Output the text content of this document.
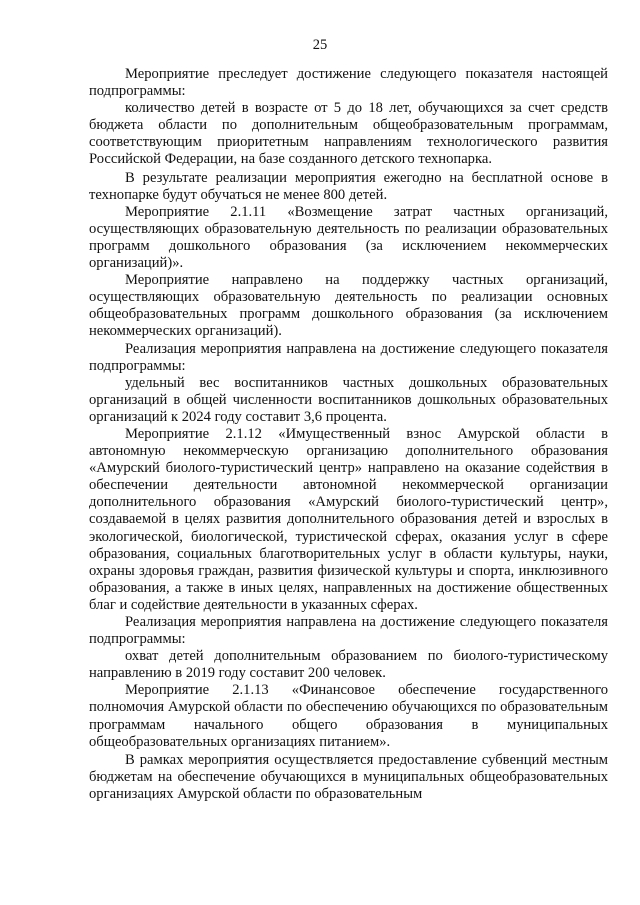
25

Мероприятие преследует достижение следующего показателя настоящей подпрограммы:

количество детей в возрасте от 5 до 18 лет, обучающихся за счет средств бюджета области по дополнительным общеобразовательным программам, соответствующим приоритетным направлениям технологического развития Российской Федерации, на базе созданного детского технопарка.

В результате реализации мероприятия ежегодно на бесплатной основе в технопарке будут обучаться не менее 800 детей.

Мероприятие 2.1.11 «Возмещение затрат частных организаций, осуществляющих образовательную деятельность по реализации образовательных программ дошкольного образования (за исключением некоммерческих организаций)».

Мероприятие направлено на поддержку частных организаций, осуществляющих образовательную деятельность по реализации основных общеобразовательных программ дошкольного образования (за исключением некоммерческих организаций).

Реализация мероприятия направлена на достижение следующего показателя подпрограммы:

удельный вес воспитанников частных дошкольных образовательных организаций в общей численности воспитанников дошкольных образовательных организаций к 2024 году составит 3,6 процента.

Мероприятие 2.1.12 «Имущественный взнос Амурской области в автономную некоммерческую организацию дополнительного образования «Амурский биолого-туристический центр» направлено на оказание содействия в обеспечении деятельности автономной некоммерческой организации дополнительного образования «Амурский биолого-туристический центр», создаваемой в целях развития дополнительного образования детей и взрослых в экологической, биологической, туристической сферах, оказания услуг в сфере образования, социальных благотворительных услуг в области культуры, науки, охраны здоровья граждан, развития физической культуры и спорта, инклюзивного образования, а также в иных целях, направленных на достижение общественных благ и содействие деятельности в указанных сферах.

Реализация мероприятия направлена на достижение следующего показателя подпрограммы:

охват детей дополнительным образованием по биолого-туристическому направлению в 2019 году составит 200 человек.

Мероприятие 2.1.13 «Финансовое обеспечение государственного полномочия Амурской области по обеспечению обучающихся по образовательным программам начального общего образования в муниципальных общеобразовательных организациях питанием».

В рамках мероприятия осуществляется предоставление субвенций местным бюджетам на обеспечение обучающихся в муниципальных общеобразовательных организациях Амурской области по образовательным
